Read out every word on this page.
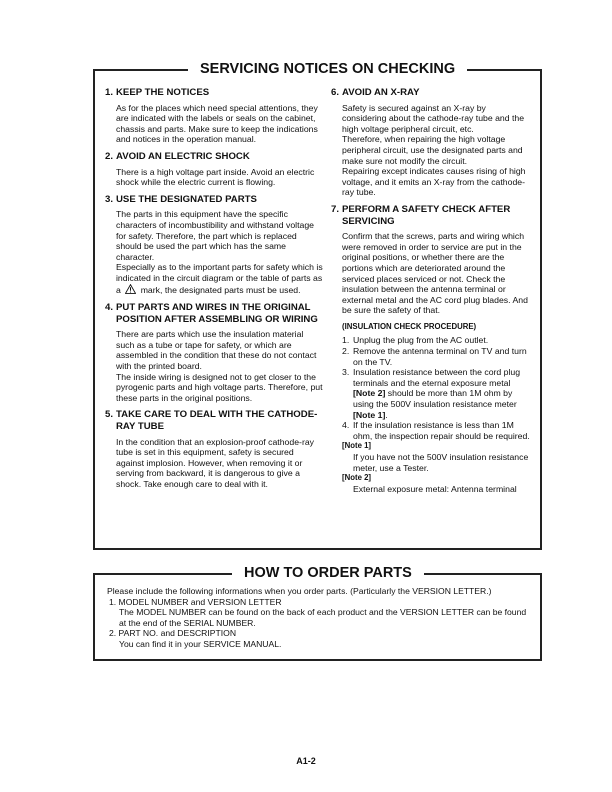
SERVICING NOTICES ON CHECKING
1. KEEP THE NOTICES

As for the places which need special attentions, they are indicated with the labels or seals on the cabinet, chassis and parts. Make sure to keep the indications and notices in the operation manual.

2. AVOID AN ELECTRIC SHOCK

There is a high voltage part inside. Avoid an electric shock while the electric current is flowing.

3. USE THE DESIGNATED PARTS

The parts in this equipment have the specific characters of incombustibility and withstand voltage for safety. Therefore, the part which is replaced should be used the part which has the same character.

Especially as to the important parts for safety which is indicated in the circuit diagram or the table of parts as a mark, the designated parts must be used.

4. PUT PARTS AND WIRES IN THE ORIGINAL POSITION AFTER ASSEMBLING OR WIRING

There are parts which use the insulation material such as a tube or tape for safety, or which are assembled in the condition that these do not contact with the printed board.

The inside wiring is designed not to get closer to the pyrogenic parts and high voltage parts. Therefore, put these parts in the original positions.

5. TAKE CARE TO DEAL WITH THE CATHODE-RAY TUBE

In the condition that an explosion-proof cathode-ray tube is set in this equipment, safety is secured against implosion. However, when removing it or serving from backward, it is dangerous to give a shock. Take enough care to deal with it.

6. AVOID AN X-RAY

Safety is secured against an X-ray by considering about the cathode-ray tube and the high voltage peripheral circuit, etc.

Therefore, when repairing the high voltage peripheral circuit, use the designated parts and make sure not modify the circuit.

Repairing except indicates causes rising of high voltage, and it emits an X-ray from the cathode-ray tube.

7. PERFORM A SAFETY CHECK AFTER SERVICING

Confirm that the screws, parts and wiring which were removed in order to service are put in the original positions, or whether there are the portions which are deteriorated around the serviced places serviced or not. Check the insulation between the antenna terminal or external metal and the AC cord plug blades. And be sure the safety of that.

(INSULATION CHECK PROCEDURE)

1. Unplug the plug from the AC outlet.
2. Remove the antenna terminal on TV and turn on the TV.
3. Insulation resistance between the cord plug terminals and the eternal exposure metal [Note 2] should be more than 1M ohm by using the 500V insulation resistance meter [Note 1].
4. If the insulation resistance is less than 1M ohm, the inspection repair should be required.

[Note 1]

If you have not the 500V insulation resistance meter, use a Tester.

[Note 2]

External exposure metal: Antenna terminal

HOW TO ORDER PARTS

Please include the following informations when you order parts. (Particularly the VERSION LETTER.)

1. MODEL NUMBER and VERSION LETTER

The MODEL NUMBER can be found on the back of each product and the VERSION LETTER can be found at the end of the SERIAL NUMBER.

2. PART NO. and DESCRIPTION

You can find it in your SERVICE MANUAL.

A1-2
